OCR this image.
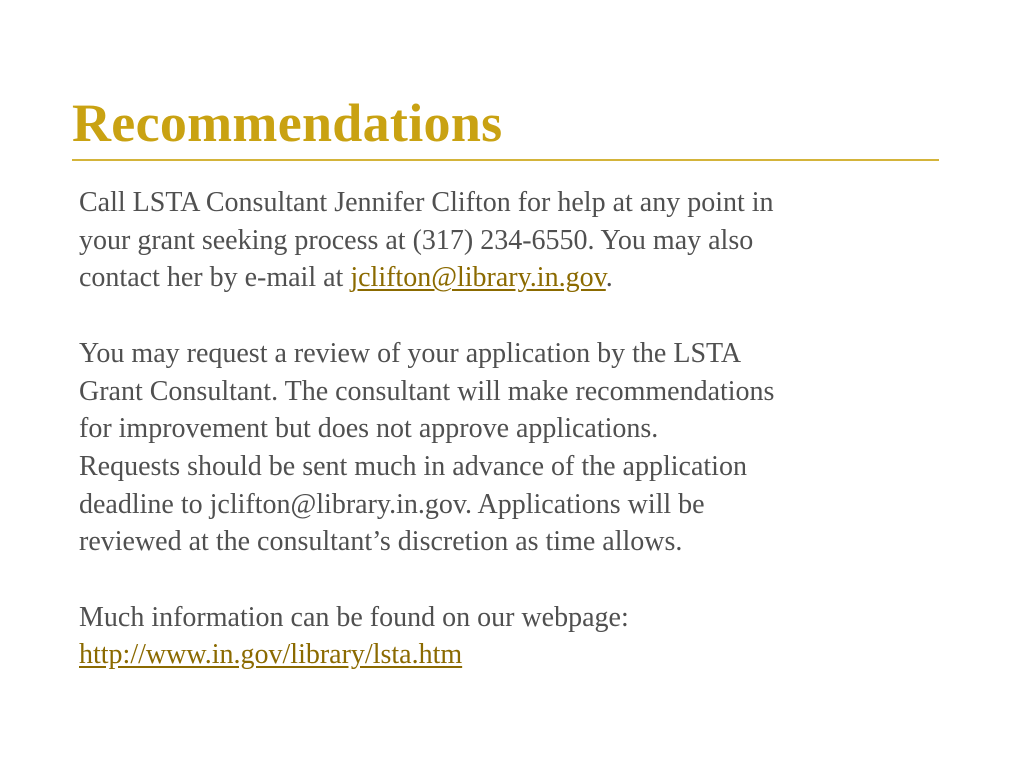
Recommendations

Call LSTA Consultant Jennifer Clifton for help at any point in
your grant seeking process at (317) 234-6550. You may also
contact her by e-mail at jclifton@library.in.gov.

You may request a review of your application by the LSTA
Grant Consultant. The consultant will make recommendations
for improvement but does not approve applications.
Requests should be sent much in advance of the application
deadline to jclifton@library.in.gov. Applications will be
reviewed at the consultant’s discretion as time allows.

Much information can be found on our webpage:
http://www.in.gov/library/lsta.htm
